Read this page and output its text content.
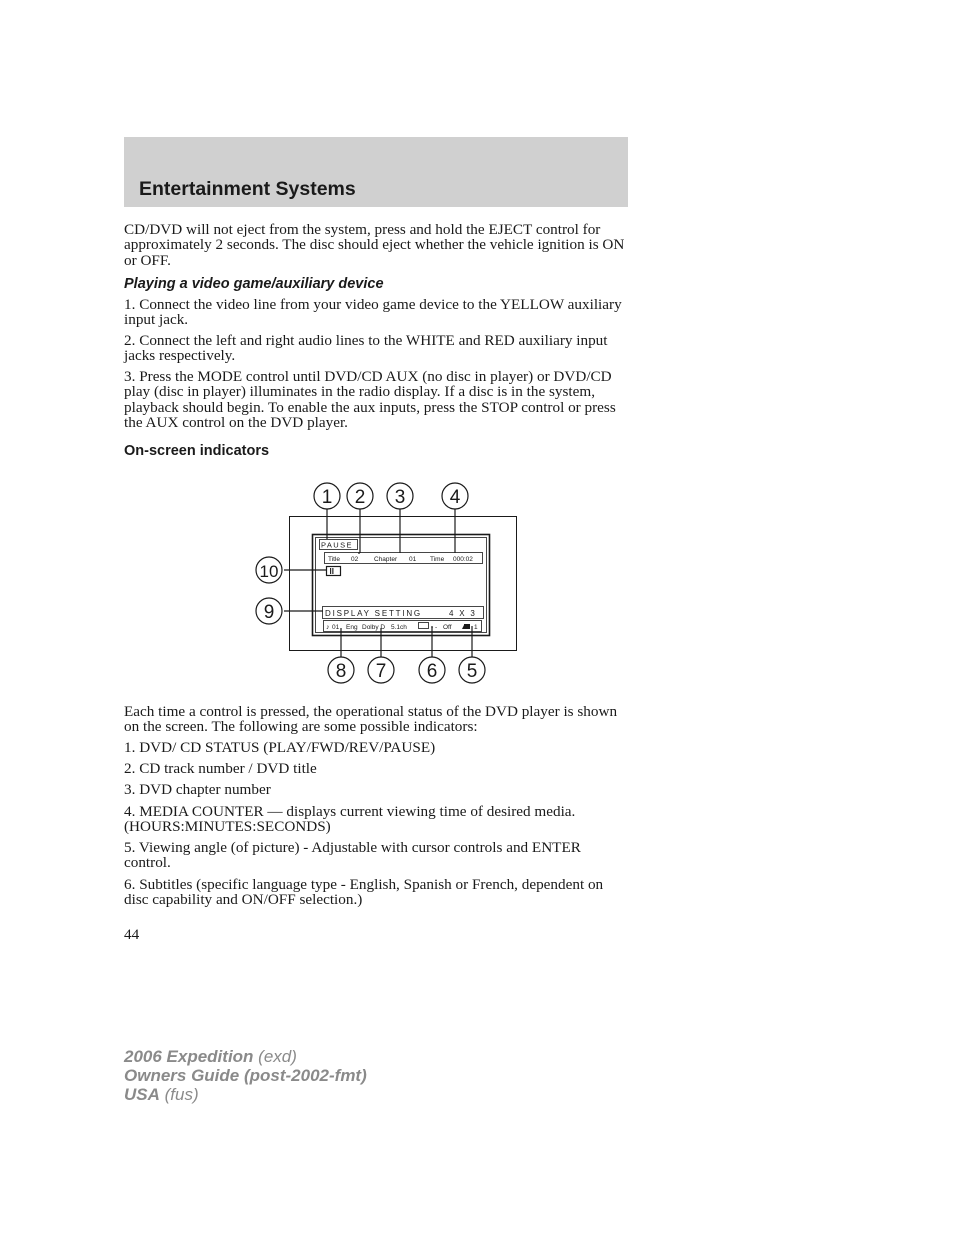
Entertainment Systems
CD/DVD will not eject from the system, press and hold the EJECT control for approximately 2 seconds. The disc should eject whether the vehicle ignition is ON or OFF.
Playing a video game/auxiliary device
1. Connect the video line from your video game device to the YELLOW auxiliary input jack.
2. Connect the left and right audio lines to the WHITE and RED auxiliary input jacks respectively.
3. Press the MODE control until DVD/CD AUX (no disc in player) or DVD/CD play (disc in player) illuminates in the radio display. If a disc is in the system, playback should begin. To enable the aux inputs, press the STOP control or press the AUX control on the DVD player.
On-screen indicators
PAUSE
Title 02 Chapter 01 Time 000:02
II
DISPLAY SETTING	4 X 3
♪ 01 Eng Dolby D 5.1ch	- - Off	1
1 2 3 4
5
6
7
8
9
10
Each time a control is pressed, the operational status of the DVD player is shown on the screen. The following are some possible indicators:
1. DVD/ CD STATUS (PLAY/FWD/REV/PAUSE)
2. CD track number / DVD title
3. DVD chapter number
4. MEDIA COUNTER — displays current viewing time of desired media. (HOURS:MINUTES:SECONDS)
5. Viewing angle (of picture) - Adjustable with cursor controls and ENTER control.
6. Subtitles (specific language type - English, Spanish or French, dependent on disc capability and ON/OFF selection.)
44
2006 Expedition (exd)
Owners Guide (post-2002-fmt)
USA (fus)
